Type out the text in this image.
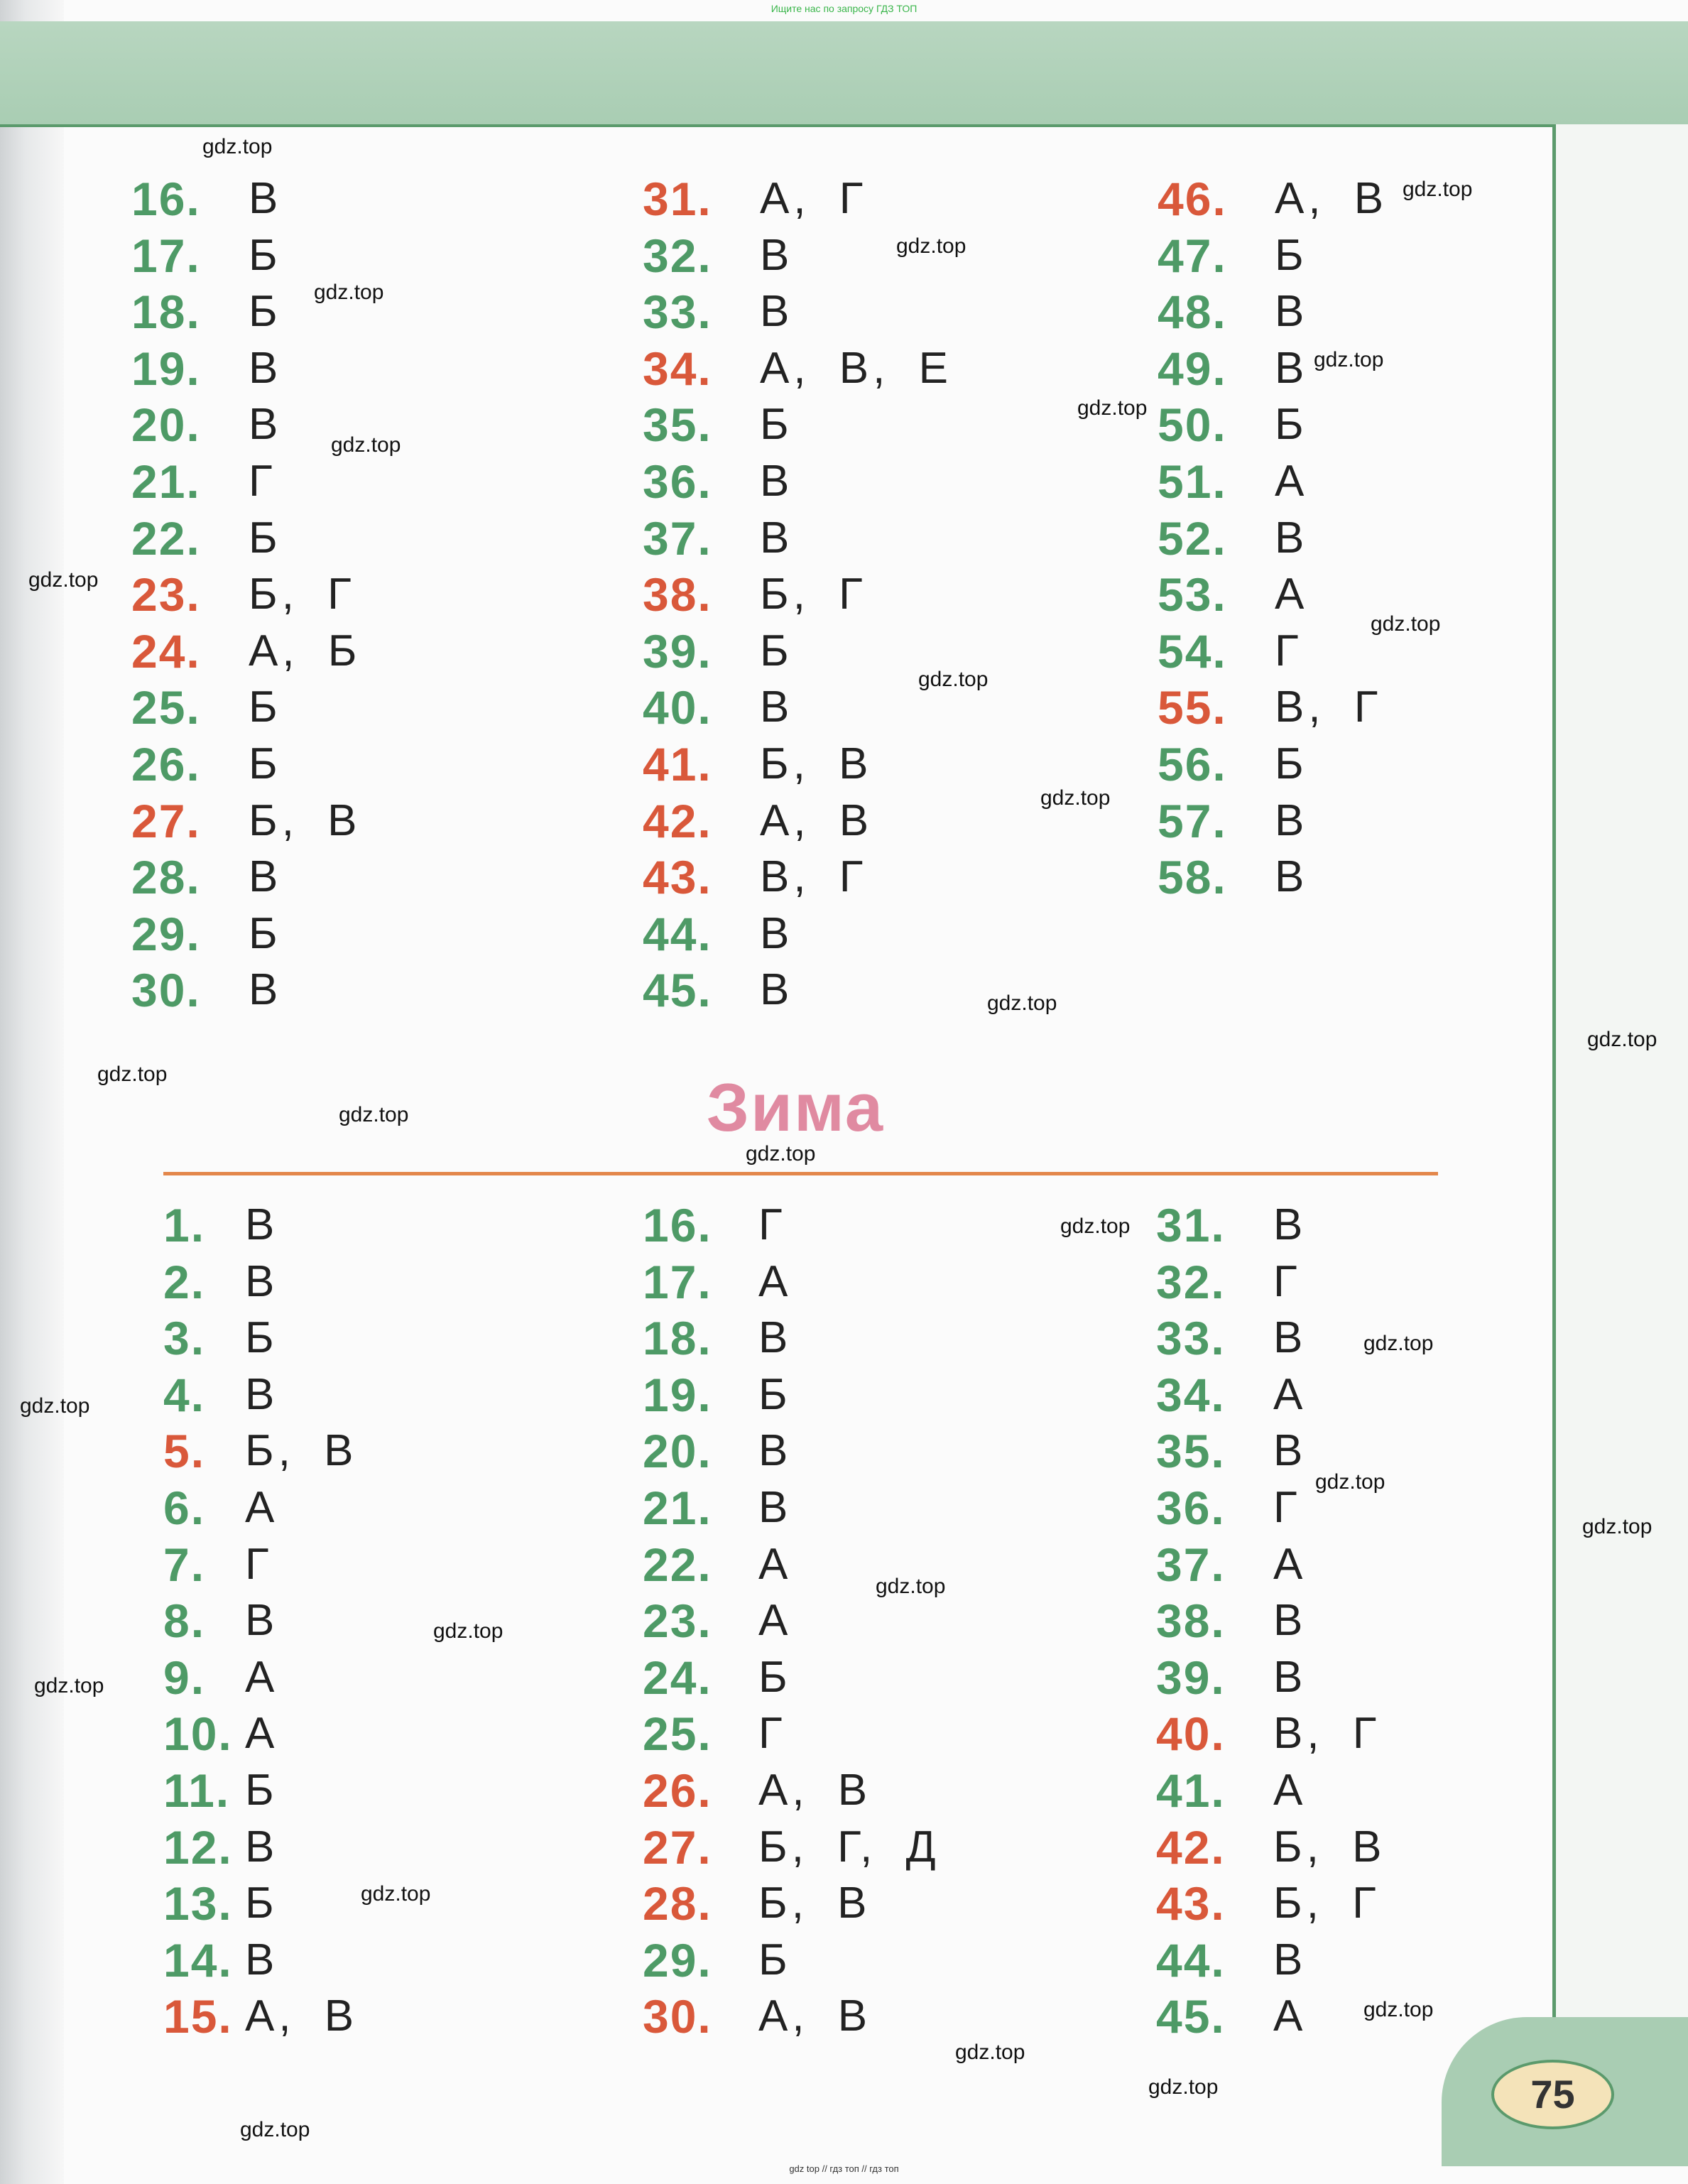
Ищите нас по запросу ГДЗ ТОП
75
16. В
17. Б
18. Б
19. В
20. В
21. Г
22. Б
23. Б, Г
24. А, Б
25. Б
26. Б
27. Б, В
28. В
29. Б
30. В
31. А, Г
32. В
33. В
34. А, В, Е
35. Б
36. В
37. В
38. Б, Г
39. Б
40. В
41. Б, В
42. А, В
43. В, Г
44. В
45. В
46. А, В
47. Б
48. В
49. В
50. Б
51. А
52. В
53. А
54. Г
55. В, Г
56. Б
57. В
58. В
Зима
1. В
2. В
3. Б
4. В
5. Б, В
6. А
7. Г
8. В
9. А
10. А
11. Б
12. В
13. Б
14. В
15. А, В
16. Г
17. А
18. В
19. Б
20. В
21. В
22. А
23. А
24. Б
25. Г
26. А, В
27. Б, Г, Д
28. Б, В
29. Б
30. А, В
31. В
32. Г
33. В
34. А
35. В
36. Г
37. А
38. В
39. В
40. В, Г
41. А
42. Б, В
43. Б, Г
44. В
45. А
gdz.top
gdz.top
gdz.top
gdz.top
gdz.top
gdz.top
gdz.top
gdz.top
gdz.top
gdz.top
gdz.top
gdz.top
gdz.top
gdz.top
gdz.top
gdz.top
gdz.top
gdz.top
gdz.top
gdz.top
gdz.top
gdz.top
gdz.top
gdz.top
gdz.top
gdz.top
gdz.top
gdz.top
gdz.top
gdz top // гдз топ // гдз топ
